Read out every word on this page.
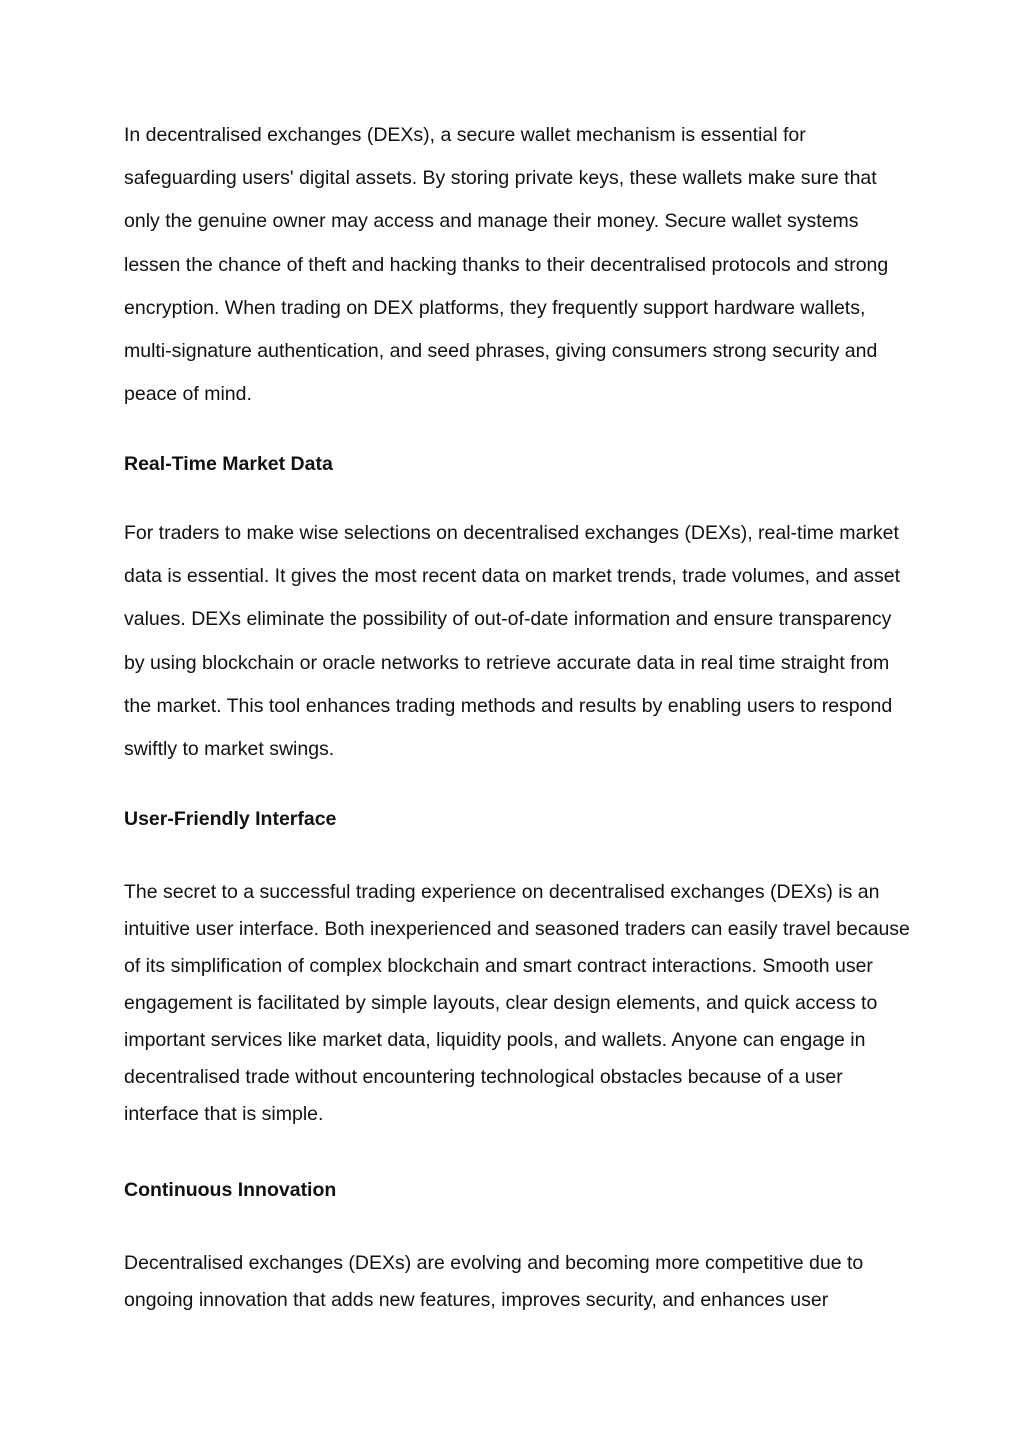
In decentralised exchanges (DEXs), a secure wallet mechanism is essential for safeguarding users' digital assets. By storing private keys, these wallets make sure that only the genuine owner may access and manage their money. Secure wallet systems lessen the chance of theft and hacking thanks to their decentralised protocols and strong encryption. When trading on DEX platforms, they frequently support hardware wallets, multi-signature authentication, and seed phrases, giving consumers strong security and peace of mind.

Real-Time Market Data

For traders to make wise selections on decentralised exchanges (DEXs), real-time market data is essential. It gives the most recent data on market trends, trade volumes, and asset values. DEXs eliminate the possibility of out-of-date information and ensure transparency by using blockchain or oracle networks to retrieve accurate data in real time straight from the market. This tool enhances trading methods and results by enabling users to respond swiftly to market swings.

User-Friendly Interface

The secret to a successful trading experience on decentralised exchanges (DEXs) is an intuitive user interface. Both inexperienced and seasoned traders can easily travel because of its simplification of complex blockchain and smart contract interactions. Smooth user engagement is facilitated by simple layouts, clear design elements, and quick access to important services like market data, liquidity pools, and wallets. Anyone can engage in decentralised trade without encountering technological obstacles because of a user interface that is simple.

Continuous Innovation

Decentralised exchanges (DEXs) are evolving and becoming more competitive due to ongoing innovation that adds new features, improves security, and enhances user
